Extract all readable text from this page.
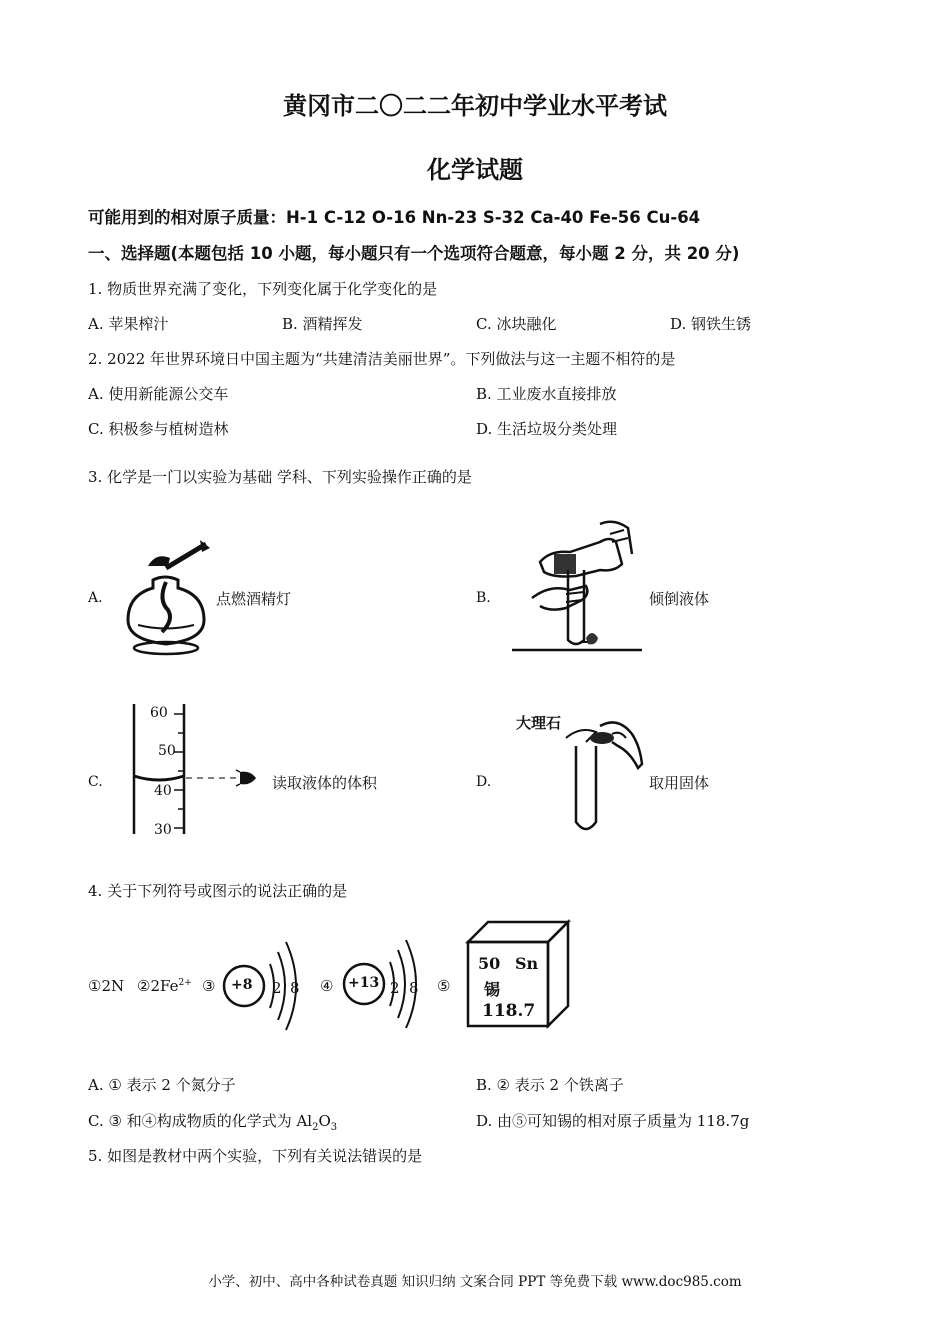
黄冈市二〇二二年初中学业水平考试
化学试题
可能用到的相对原子质量：H-1 C-12 O-16 Nn-23 S-32 Ca-40 Fe-56 Cu-64
一、选择题(本题包括 10 小题，每小题只有一个选项符合题意，每小题 2 分，共 20 分)
1. 物质世界充满了变化，下列变化属于化学变化的是
A. 苹果榨汁	B. 酒精挥发	C. 冰块融化	D. 钢铁生锈
2. 2022 年世界环境日中国主题为“共建清洁美丽世界”。下列做法与这一主题不相符的是
A. 使用新能源公交车	B. 工业废水直接排放
C. 积极参与植树造林	D. 生活垃圾分类处理
3. 化学是一门以实验为基础 学科、下列实验操作正确的是
A.	点燃酒精灯	B.	倾倒液体
C.
60
50
40
30
读取液体的体积	D.
大理石
取用固体
4. 关于下列符号或图示的说法正确的是
①2N $②2Fe^{2+}$ ③	④	⑤
+8 2 8	+13 2 8
50 Sn
锡
118.7
A. ① 表示 2 个氮分子	B. ② 表示 2 个铁离子
C. ③ 和④构成物质的化学式为 $Al_2O_3$	D. 由⑤可知锡的相对原子质量为 118.7g
5. 如图是教材中两个实验，下列有关说法错误的是
小学、初中、高中各种试卷真题 知识归纳 文案合同 PPT 等免费下载 www.doc985.com
